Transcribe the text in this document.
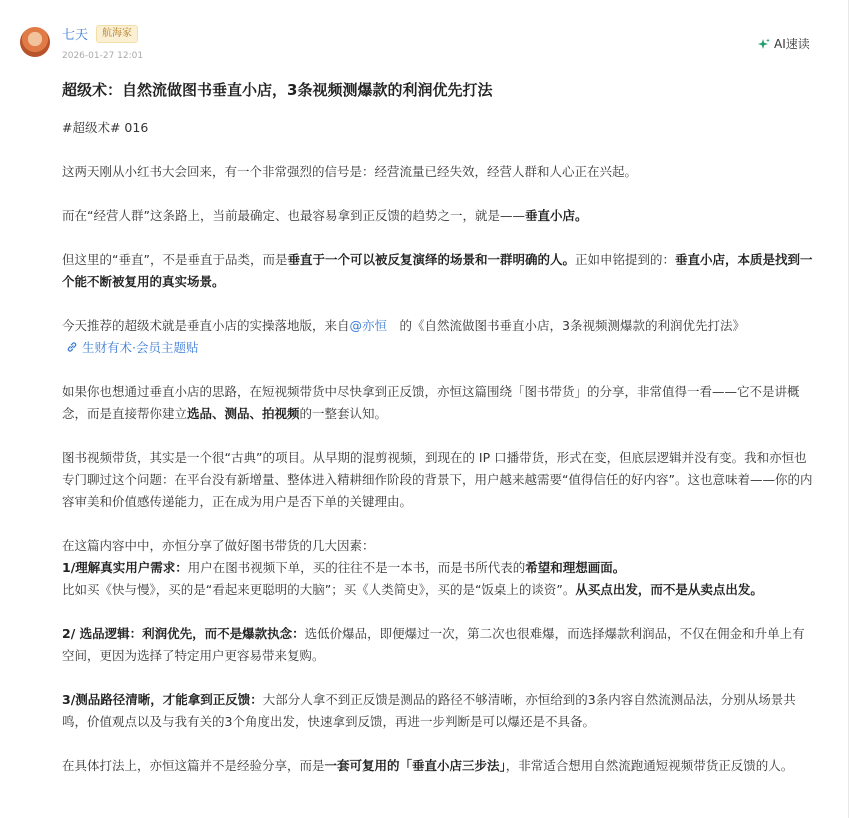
七天	航海家
2026-01-27 12:01
AI速读
超级术：自然流做图书垂直小店，3条视频测爆款的利润优先打法

#超级术# 016

这两天刚从小红书大会回来，有一个非常强烈的信号是：经营流量已经失效，经营人群和人心正在兴起。

而在“经营人群”这条路上，当前最确定、也最容易拿到正反馈的趋势之一，就是——垂直小店。

但这里的“垂直”，不是垂直于品类，而是垂直于一个可以被反复演绎的场景和一群明确的人。正如申铭提到的：垂直小店，本质是找到一个能不断被复用的真实场景。

今天推荐的超级术就是垂直小店的实操落地版，来自@亦恒　 的《自然流做图书垂直小店，3条视频测爆款的利润优先打法》
生财有术·会员主题贴

如果你也想通过垂直小店的思路，在短视频带货中尽快拿到正反馈，亦恒这篇围绕「图书带货」的分享，非常值得一看——它不是讲概念，而是直接帮你建立选品、测品、拍视频的一整套认知。

图书视频带货，其实是一个很“古典”的项目。从早期的混剪视频，到现在的 IP 口播带货，形式在变，但底层逻辑并没有变。我和亦恒也专门聊过这个问题：在平台没有新增量、整体进入精耕细作阶段的背景下，用户越来越需要“值得信任的好内容”。这也意味着——你的内容审美和价值感传递能力，正在成为用户是否下单的关键理由。

在这篇内容中中，亦恒分享了做好图书带货的几大因素：

1/理解真实用户需求：用户在图书视频下单，买的往往不是一本书，而是书所代表的希望和理想画面。
比如买《快与慢》，买的是“看起来更聪明的大脑”；买《人类简史》，买的是“饭桌上的谈资”。从买点出发，而不是从卖点出发。

2/ 选品逻辑：利润优先，而不是爆款执念：选低价爆品，即便爆过一次，第二次也很难爆，而选择爆款利润品，不仅在佣金和升单上有空间，更因为选择了特定用户更容易带来复购。

3/测品路径清晰，才能拿到正反馈：大部分人拿不到正反馈是测品的路径不够清晰，亦恒给到的3条内容自然流测品法，分别从场景共鸣，价值观点以及与我有关的3个角度出发，快速拿到反馈，再进一步判断是可以爆还是不具备。

在具体打法上，亦恒这篇并不是经验分享，而是一套可复用的「垂直小店三步法」，非常适合想用自然流跑通短视频带货正反馈的人。
